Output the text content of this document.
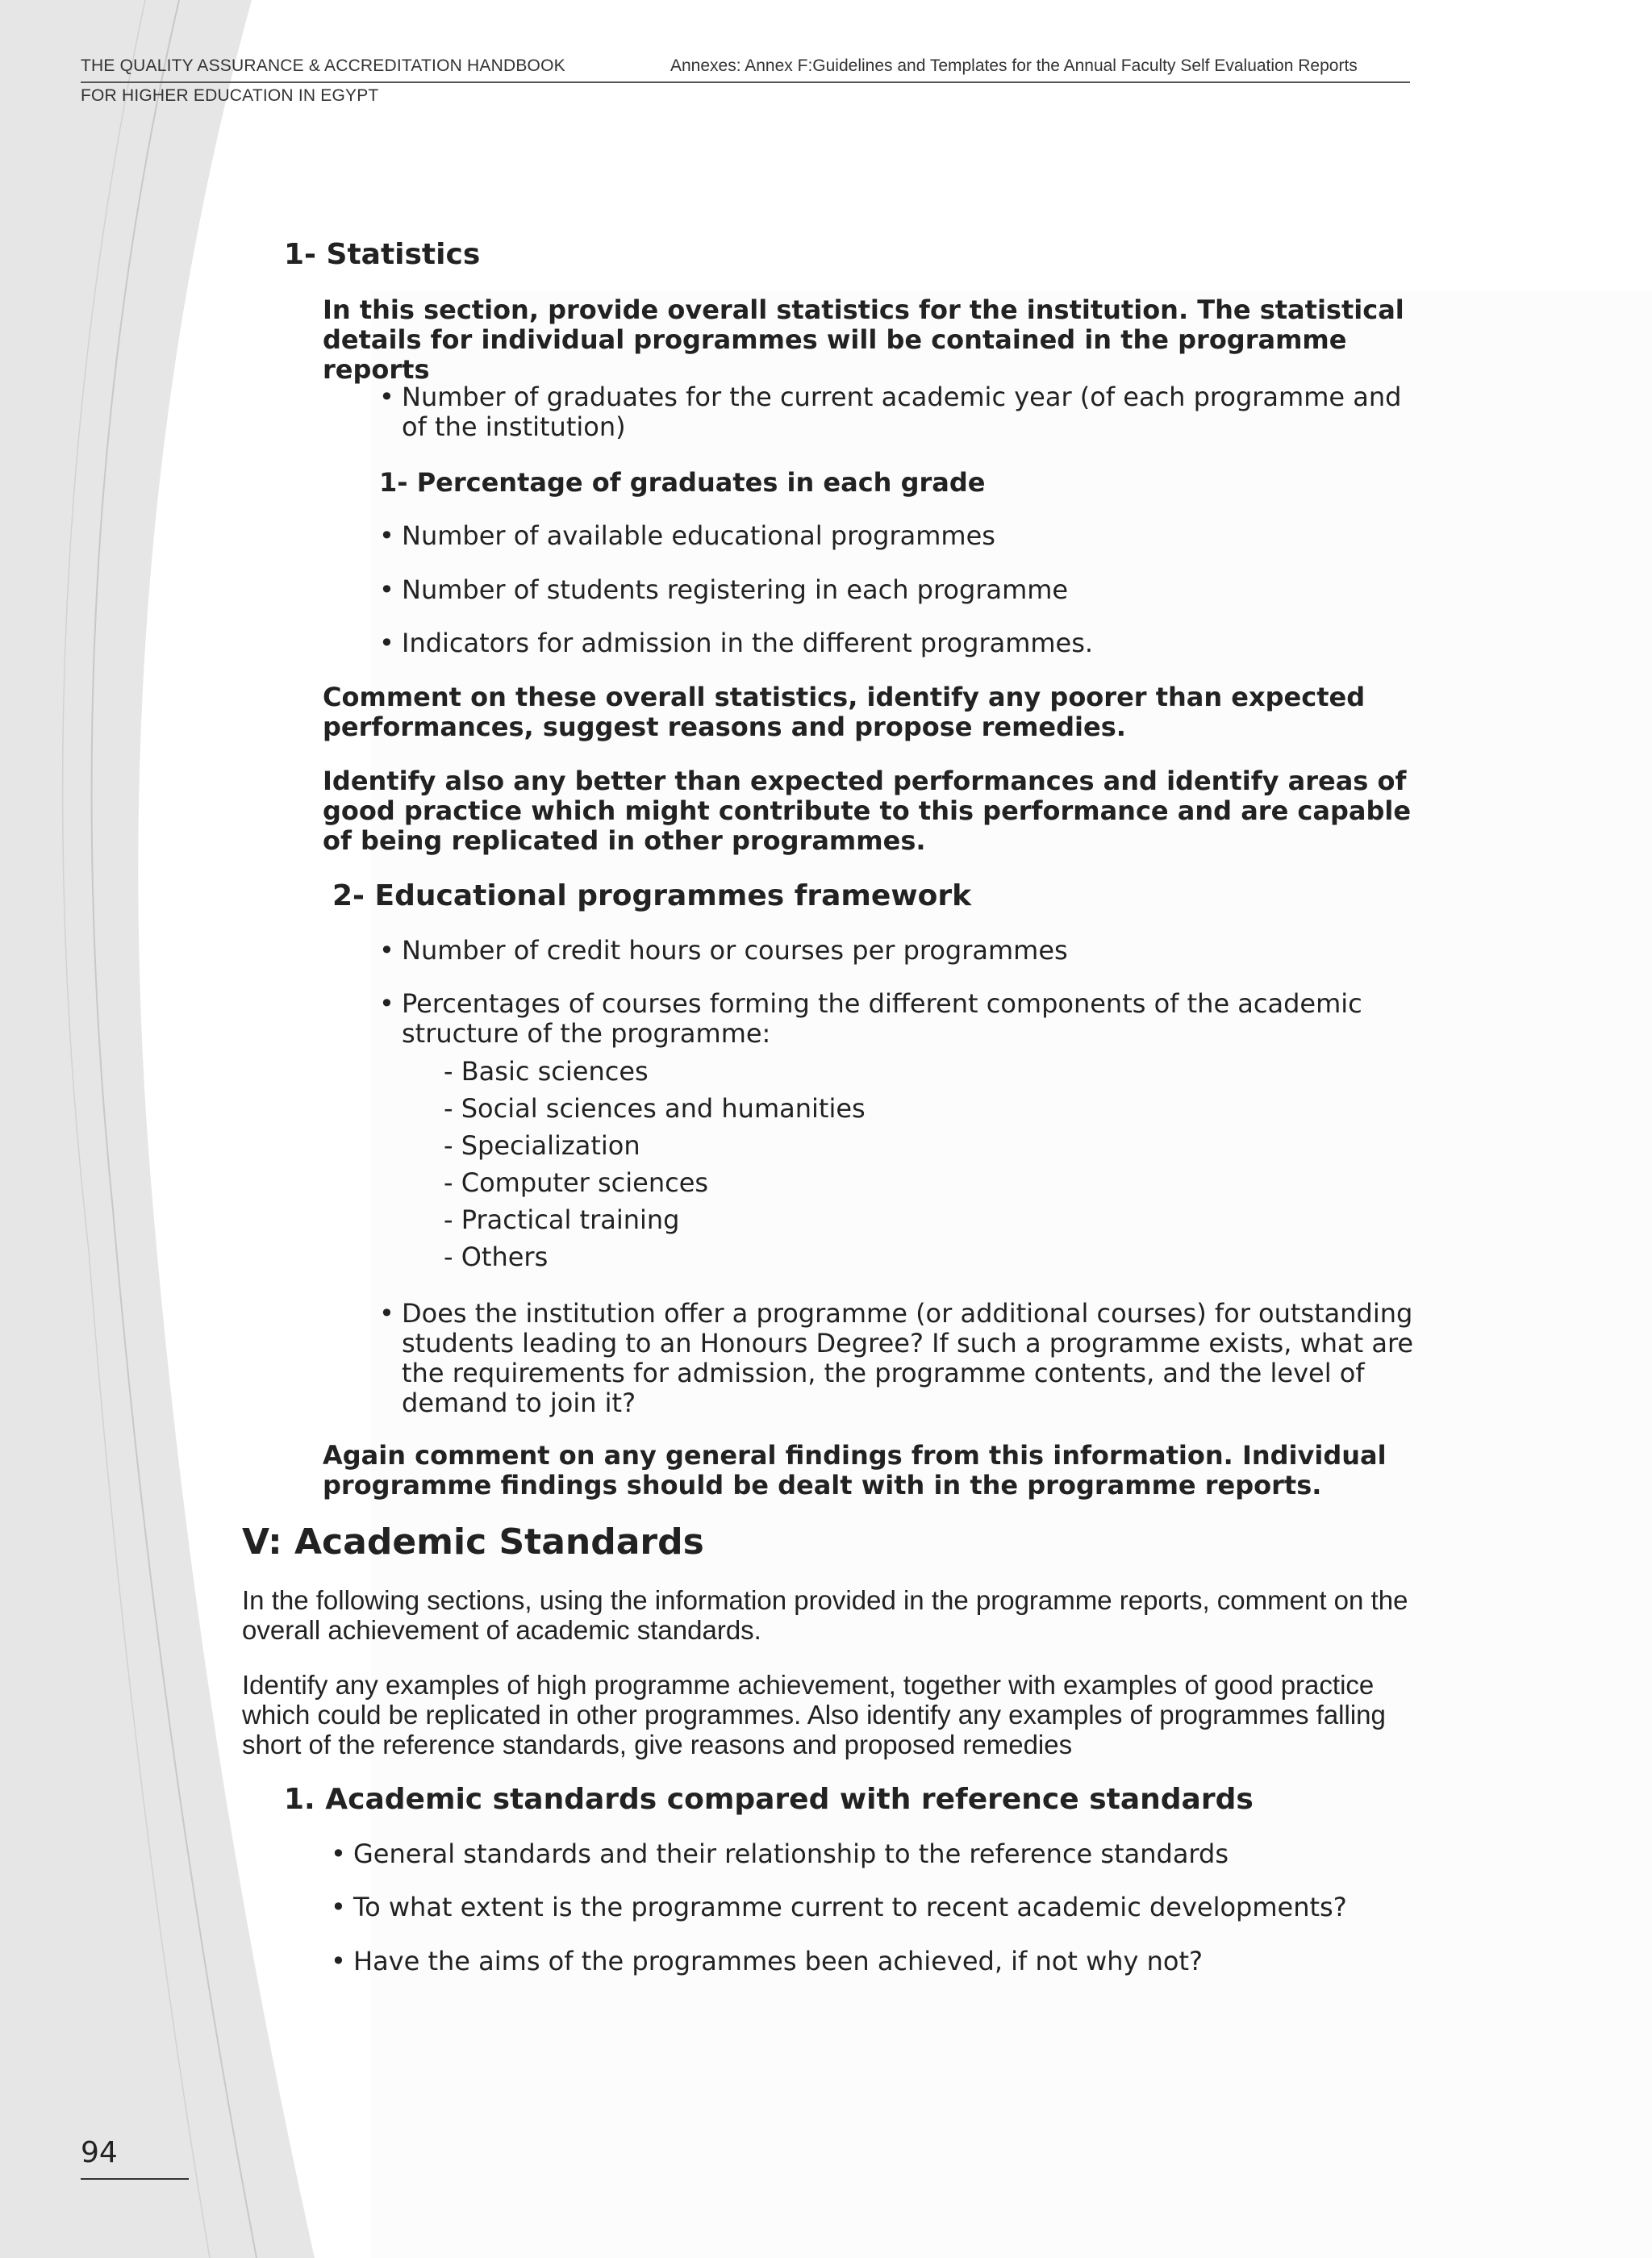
THE QUALITY ASSURANCE & ACCREDITATION HANDBOOK	Annexes: Annex F:Guidelines and Templates for the Annual Faculty Self Evaluation Reports
FOR HIGHER EDUCATION IN EGYPT
1- Statistics

In this section, provide overall statistics for the institution. The statistical details for individual programmes will be contained in the programme reports

• Number of graduates for the current academic year (of each programme and of the institution)
1- Percentage of graduates in each grade
• Number of available educational programmes
• Number of students registering in each programme
• Indicators for admission in the different programmes.

Comment on these overall statistics, identify any poorer than expected performances, suggest reasons and propose remedies.

Identify also any better than expected performances and identify areas of good practice which might contribute to this performance and are capable of being replicated in other programmes.

2- Educational programmes framework
• Number of credit hours or courses per programmes
• Percentages of courses forming the different components of the academic structure of the programme:
- Basic sciences
- Social sciences and humanities
- Specialization
- Computer sciences
- Practical training
- Others
• Does the institution offer a programme (or additional courses) for outstanding students leading to an Honours Degree? If such a programme exists, what are the requirements for admission, the programme contents, and the level of demand to join it?

Again comment on any general findings from this information. Individual programme findings should be dealt with in the programme reports.

V: Academic Standards

In the following sections, using the information provided in the programme reports, comment on the overall achievement of academic standards.

Identify any examples of high programme achievement, together with examples of good practice which could be replicated in other programmes. Also identify any examples of programmes falling short of the reference standards, give reasons and proposed remedies

1. Academic standards compared with reference standards
• General standards and their relationship to the reference standards
• To what extent is the programme current to recent academic developments?
• Have the aims of the programmes been achieved, if not why not?
94
